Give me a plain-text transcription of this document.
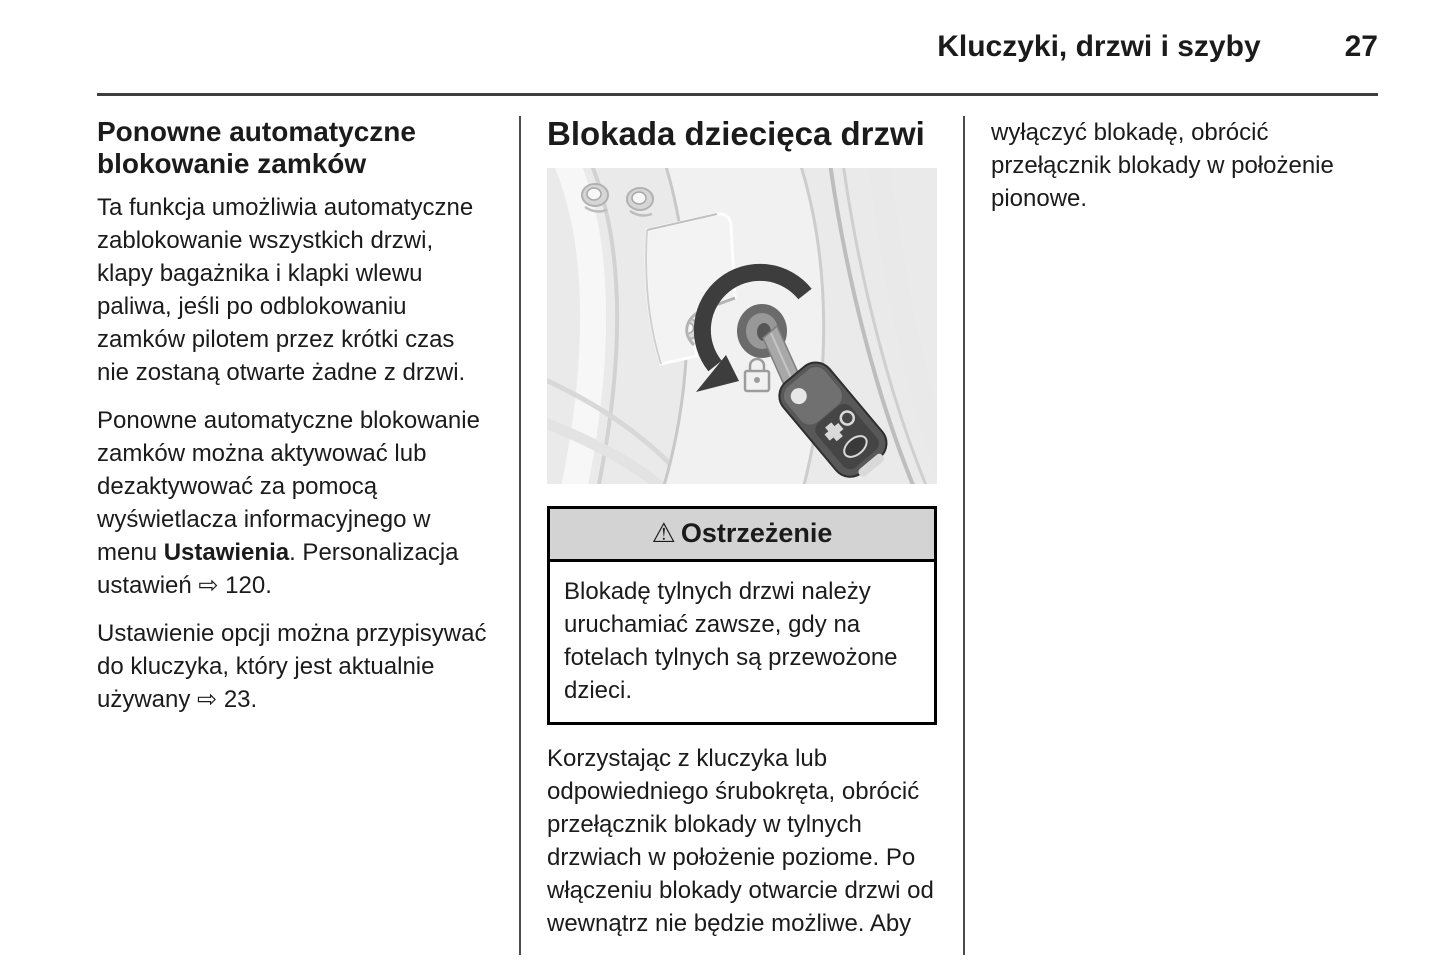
Kluczyki, drzwi i szyby	27
Ponowne automatyczne blokowanie zamków

Ta funkcja umożliwia automatyczne zablokowanie wszystkich drzwi, klapy bagażnika i klapki wlewu paliwa, jeśli po odblokowaniu zamków pilotem przez krótki czas nie zostaną otwarte żadne z drzwi.

Ponowne automatyczne blokowanie zamków można aktywować lub dezaktywować za pomocą wyświetlacza informacyjnego w menu Ustawienia. Personalizacja ustawień ⇨ 120.

Ustawienie opcji można przypisywać do kluczyka, który jest aktualnie używany ⇨ 23.

Blokada dziecięca drzwi
⚠ Ostrzeżenie
Blokadę tylnych drzwi należy uruchamiać zawsze, gdy na fotelach tylnych są przewożone dzieci.

Korzystając z kluczyka lub odpowiedniego śrubokręta, obrócić przełącznik blokady w tylnych drzwiach w położenie poziome. Po włączeniu blokady otwarcie drzwi od wewnątrz nie będzie możliwe. Aby

wyłączyć blokadę, obrócić przełącznik blokady w położenie pionowe.
